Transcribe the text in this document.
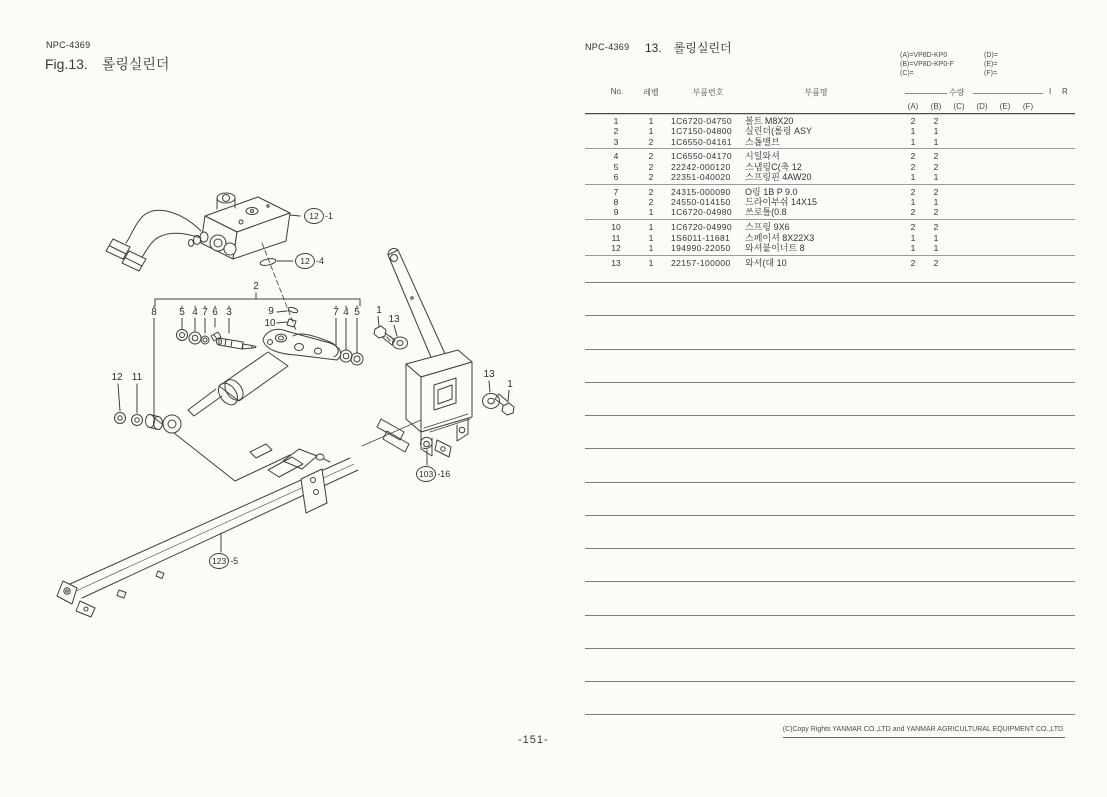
NPC-4369
Fig.13. 롤링실린더
NPC-4369 13. 롤링실린더
(A)=VP8D-KP0
(B)=VP8D-KP0-F
(C)=
(D)=
(E)=
(F)=
No.	레벨	부품번호	부품명	수량	I R
(A)	(B)	(C)	(D)	(E)	(F)
1	1	1C6720-04750 볼트 M8X20	2	2
2	1	1C7150-04800 실린더(롤링 ASY	1	1
3	2	1C6550-04161 스톱밸브	1	1
4	2	1C6550-04170 시일와셔	2	2
5	2	22242-000120 스냅링C(축 12	2	2
6	2	22351-040020 스프링핀 4AW20	1	1
7	2	24315-000090 O링 1B P 9.0	2	2
8	2	24550-014150 드라이부쉬 14X15	1	1
9	1	1C6720-04980 쓰로틀(0.8	2	2
10	1	1C6720-04990 스프링 9X6	2	2
11	1	1S6011-11681 스페이셔 8X22X3	1	1
12	1	194990-22050 와셔붙이너트 8	1	1
13	1	22157-100000 와셔(대 10	2	2
2
8 5 4 7 6 3	9
10
7 4 5 1
13
12 11	13
1
12 -1
12 -4
103 -16
123 -5
-151-
(C)Copy Rights YANMAR CO.,LTD and YANMAR AGRICULTURAL EQUIPMENT CO.,LTD.
